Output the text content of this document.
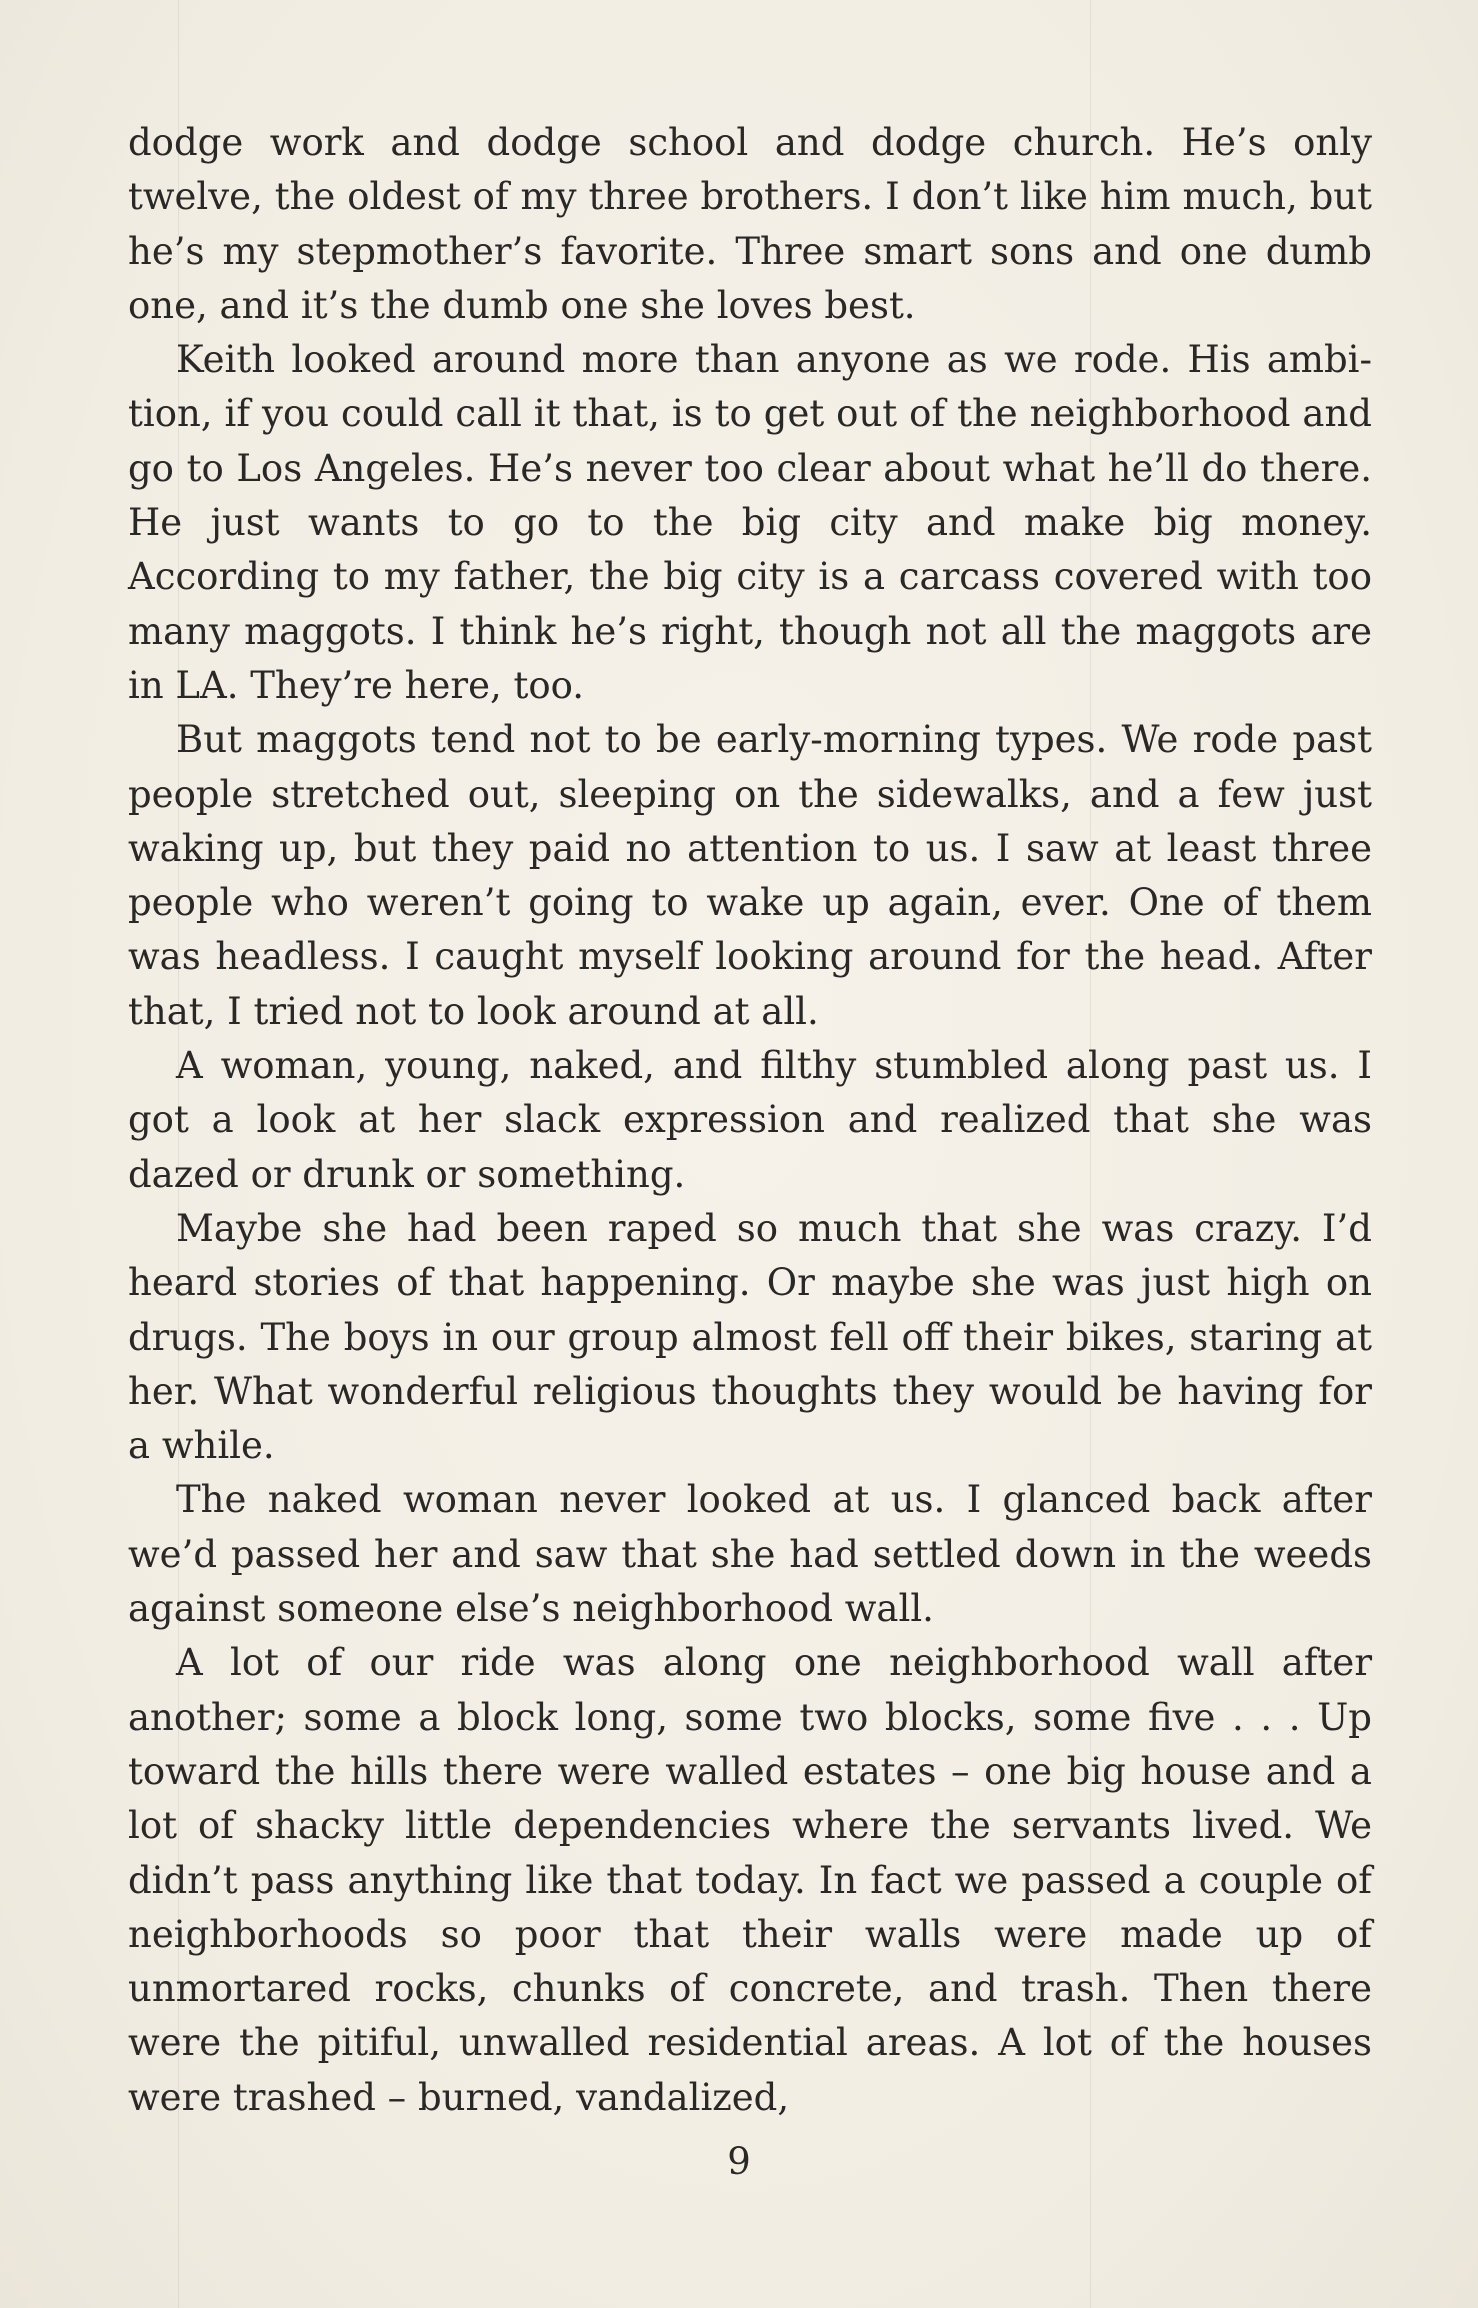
dodge work and dodge school and dodge church. He’s only twelve, the oldest of my three brothers. I don’t like him much, but he’s my stepmother’s favorite. Three smart sons and one dumb one, and it’s the dumb one she loves best.

Keith looked around more than anyone as we rode. His ambition, if you could call it that, is to get out of the neighborhood and go to Los Angeles. He’s never too clear about what he’ll do there. He just wants to go to the big city and make big money. According to my father, the big city is a carcass covered with too many maggots. I think he’s right, though not all the maggots are in LA. They’re here, too.

But maggots tend not to be early-morning types. We rode past people stretched out, sleeping on the sidewalks, and a few just waking up, but they paid no attention to us. I saw at least three people who weren’t going to wake up again, ever. One of them was headless. I caught myself looking around for the head. After that, I tried not to look around at all.

A woman, young, naked, and filthy stumbled along past us. I got a look at her slack expression and realized that she was dazed or drunk or something.

Maybe she had been raped so much that she was crazy. I’d heard stories of that happening. Or maybe she was just high on drugs. The boys in our group almost fell off their bikes, staring at her. What wonderful religious thoughts they would be having for a while.

The naked woman never looked at us. I glanced back after we’d passed her and saw that she had settled down in the weeds against someone else’s neighborhood wall.

A lot of our ride was along one neighborhood wall after another; some a block long, some two blocks, some five . . . Up toward the hills there were walled estates – one big house and a lot of shacky little dependencies where the servants lived. We didn’t pass anything like that today. In fact we passed a couple of neighborhoods so poor that their walls were made up of unmortared rocks, chunks of concrete, and trash. Then there were the pitiful, unwalled residential areas. A lot of the houses were trashed – burned, vandalized,

9
